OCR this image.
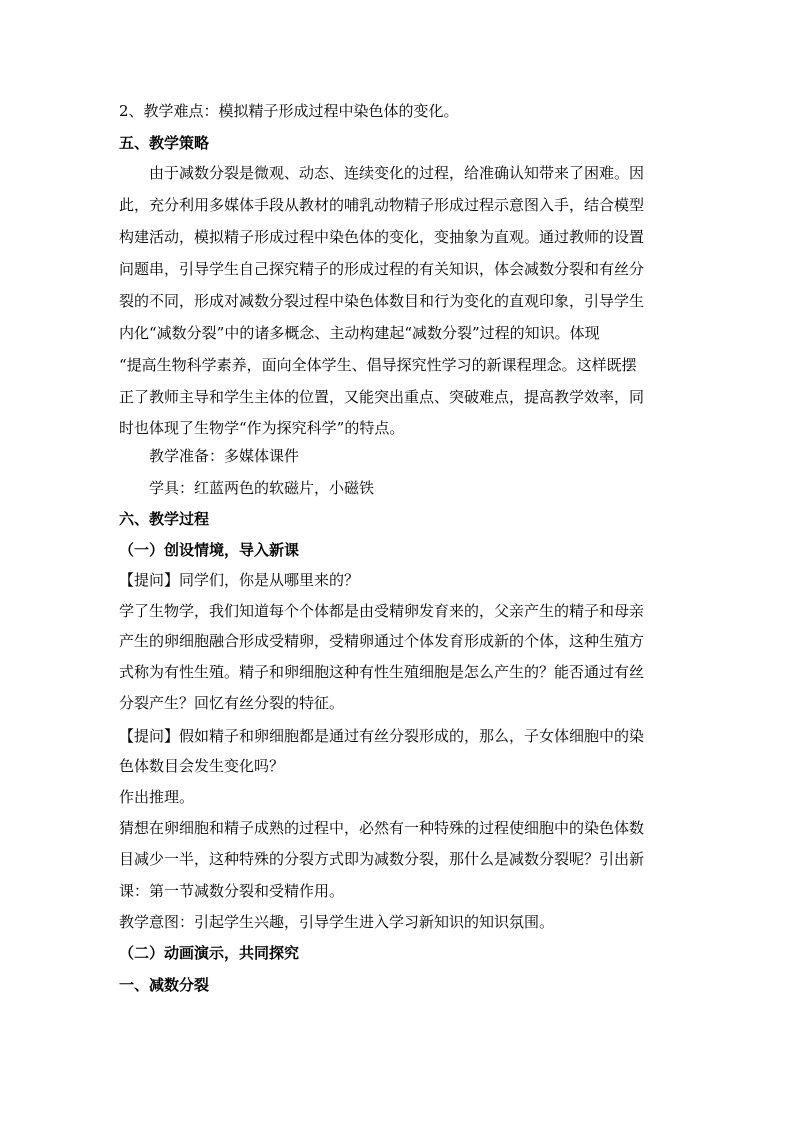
2、教学难点：模拟精子形成过程中染色体的变化。
五、教学策略
由于减数分裂是微观、动态、连续变化的过程，给准确认知带来了困难。因
此，充分利用多媒体手段从教材的哺乳动物精子形成过程示意图入手，结合模型
构建活动，模拟精子形成过程中染色体的变化，变抽象为直观。通过教师的设置
问题串，引导学生自己探究精子的形成过程的有关知识，体会减数分裂和有丝分
裂的不同，形成对减数分裂过程中染色体数目和行为变化的直观印象，引导学生
内化“减数分裂”中的诸多概念、主动构建起“减数分裂”过程的知识。体现
“提高生物科学素养，面向全体学生、倡导探究性学习的新课程理念。这样既摆
正了教师主导和学生主体的位置，又能突出重点、突破难点，提高教学效率，同
时也体现了生物学“作为探究科学”的特点。
教学准备：多媒体课件
学具：红蓝两色的软磁片，小磁铁
六、教学过程
（一）创设情境，导入新课
【提问】同学们，你是从哪里来的？
学了生物学，我们知道每个个体都是由受精卵发育来的，父亲产生的精子和母亲
产生的卵细胞融合形成受精卵，受精卵通过个体发育形成新的个体，这种生殖方
式称为有性生殖。精子和卵细胞这种有性生殖细胞是怎么产生的？能否通过有丝
分裂产生？回忆有丝分裂的特征。
【提问】假如精子和卵细胞都是通过有丝分裂形成的，那么，子女体细胞中的染
色体数目会发生变化吗？
作出推理。
猜想在卵细胞和精子成熟的过程中，必然有一种特殊的过程使细胞中的染色体数
目减少一半，这种特殊的分裂方式即为减数分裂，那什么是减数分裂呢？引出新
课：第一节减数分裂和受精作用。
教学意图：引起学生兴趣，引导学生进入学习新知识的知识氛围。
（二）动画演示，共同探究
一、减数分裂
